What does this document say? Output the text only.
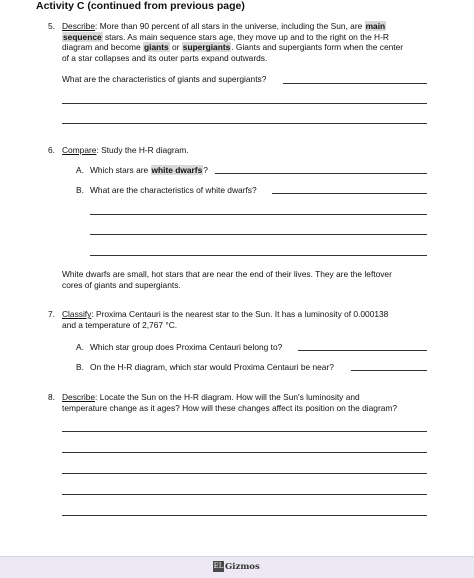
Activity C (continued from previous page)
5. Describe: More than 90 percent of all stars in the universe, including the Sun, are main
sequence stars. As main sequence stars age, they move up and to the right on the H-R
diagram and become giants or supergiants. Giants and supergiants form when the center
of a star collapses and its outer parts expand outwards.
What are the characteristics of giants and supergiants?
6. Compare: Study the H-R diagram.
A. Which stars are white dwarfs?
B. What are the characteristics of white dwarfs?
White dwarfs are small, hot stars that are near the end of their lives. They are the leftover
cores of giants and supergiants.
7. Classify: Proxima Centauri is the nearest star to the Sun. It has a luminosity of 0.000138
and a temperature of 2,767 °C.
A. Which star group does Proxima Centauri belong to?
B. On the H-R diagram, which star would Proxima Centauri be near?
8. Describe: Locate the Sun on the H-R diagram. How will the Sun's luminosity and
temperature change as it ages? How will these changes affect its position on the diagram?
EL Gizmos
